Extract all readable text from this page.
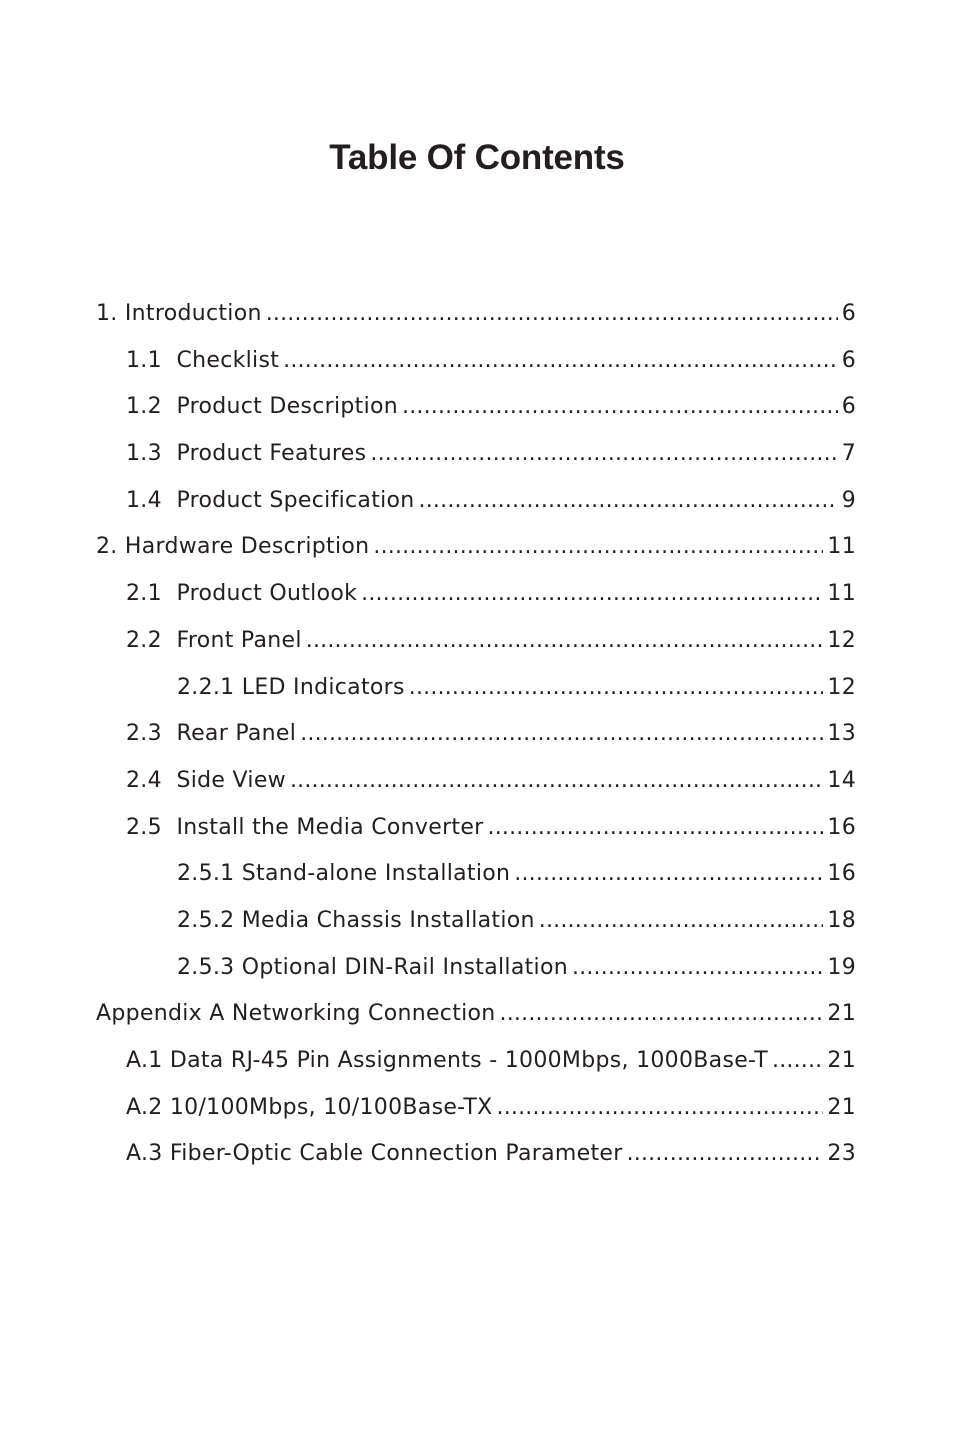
Table Of Contents
1. Introduction .....	6
1.1  Checklist .....	6
1.2  Product Description .....	6
1.3  Product Features .....	7
1.4  Product Specification .....	9
2. Hardware Description .....	11
2.1  Product Outlook .....	11
2.2  Front Panel .....	12
2.2.1 LED Indicators .....	12
2.3  Rear Panel .....	13
2.4  Side View .....	14
2.5  Install the Media Converter .....	16
2.5.1 Stand-alone Installation .....	16
2.5.2 Media Chassis Installation .....	18
2.5.3 Optional DIN-Rail Installation .....	19
Appendix A Networking Connection .....	21
A.1 Data RJ-45 Pin Assignments - 1000Mbps, 1000Base-T .....	21
A.2 10/100Mbps, 10/100Base-TX .....	21
A.3 Fiber-Optic Cable Connection Parameter .....	23
